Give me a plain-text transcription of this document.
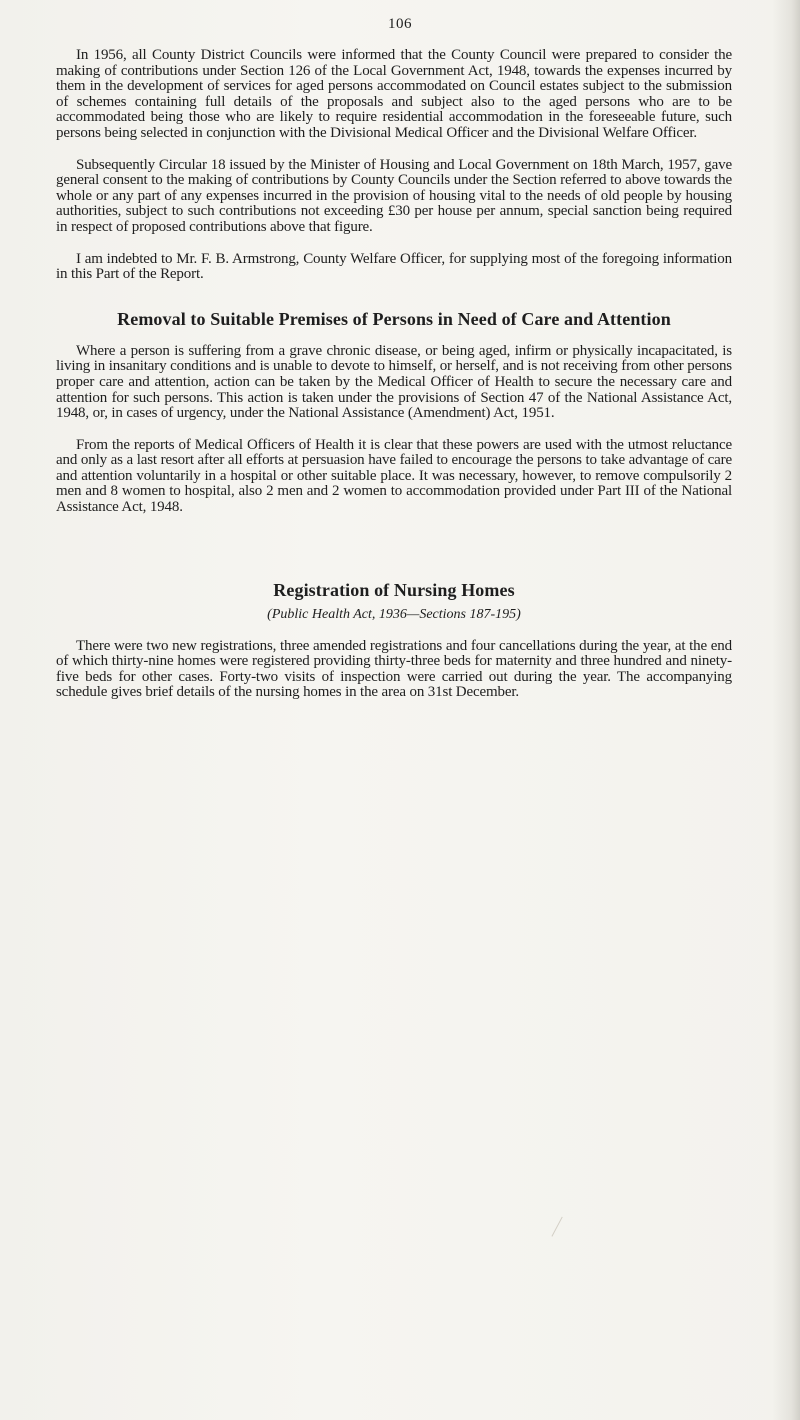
106

In 1956, all County District Councils were informed that the County Council were prepared to consider the making of contributions under Section 126 of the Local Government Act, 1948, towards the expenses incurred by them in the development of services for aged persons accommodated on Council estates subject to the submission of schemes containing full details of the proposals and subject also to the aged persons who are to be accommodated being those who are likely to require residential accommodation in the foreseeable future, such persons being selected in conjunction with the Divisional Medical Officer and the Divisional Welfare Officer.

Subsequently Circular 18 issued by the Minister of Housing and Local Government on 18th March, 1957, gave general consent to the making of contributions by County Councils under the Section referred to above towards the whole or any part of any expenses incurred in the provision of housing vital to the needs of old people by housing authorities, subject to such contributions not exceeding £30 per house per annum, special sanction being required in respect of proposed contributions above that figure.

I am indebted to Mr. F. B. Armstrong, County Welfare Officer, for supplying most of the foregoing information in this Part of the Report.

Removal to Suitable Premises of Persons in Need of Care and Attention

Where a person is suffering from a grave chronic disease, or being aged, infirm or physically incapacitated, is living in insanitary conditions and is unable to devote to himself, or herself, and is not receiving from other persons proper care and attention, action can be taken by the Medical Officer of Health to secure the necessary care and attention for such persons. This action is taken under the provisions of Section 47 of the National Assistance Act, 1948, or, in cases of urgency, under the National Assistance (Amendment) Act, 1951.

From the reports of Medical Officers of Health it is clear that these powers are used with the utmost reluctance and only as a last resort after all efforts at persuasion have failed to encourage the persons to take advantage of care and attention voluntarily in a hospital or other suitable place. It was necessary, however, to remove compulsorily 2 men and 8 women to hospital, also 2 men and 2 women to accommodation provided under Part III of the National Assistance Act, 1948.

Registration of Nursing Homes
(Public Health Act, 1936—Sections 187-195)

There were two new registrations, three amended registrations and four cancellations during the year, at the end of which thirty-nine homes were registered providing thirty-three beds for maternity and three hundred and ninety-five beds for other cases. Forty-two visits of inspection were carried out during the year. The accompanying schedule gives brief details of the nursing homes in the area on 31st December.
